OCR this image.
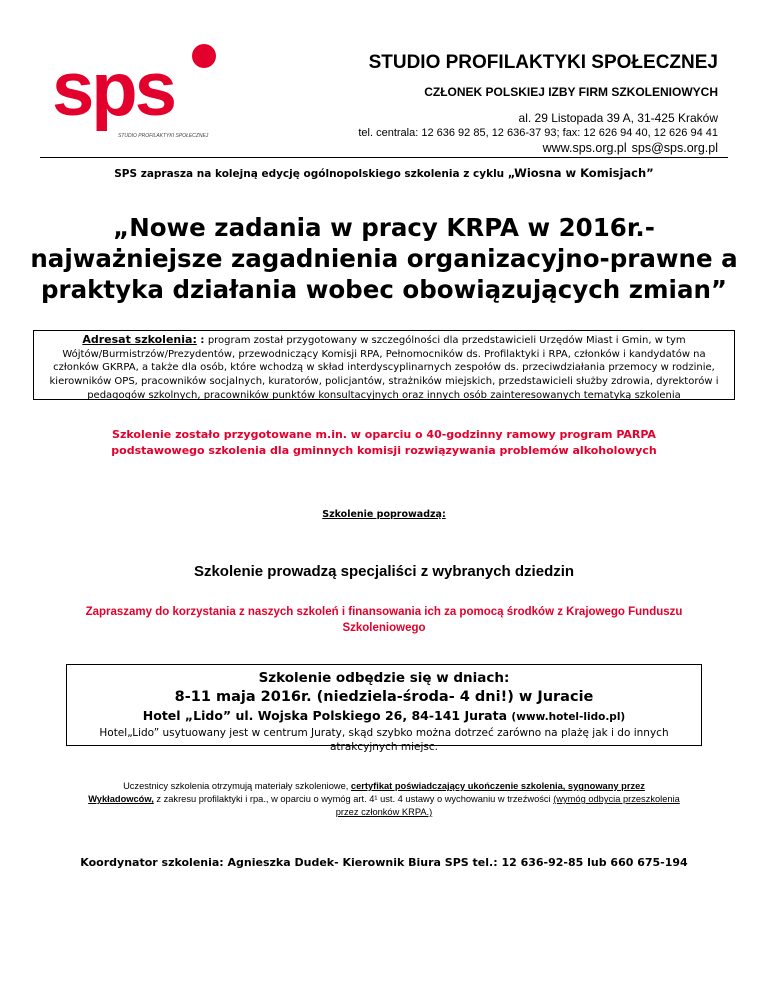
sps
STUDIO PROFILAKTYKI SPOŁECZNEJ
STUDIO PROFILAKTYKI SPOŁECZNEJ
CZŁONEK POLSKIEJ IZBY FIRM SZKOLENIOWYCH
al. 29 Listopada 39 A, 31-425 Kraków
tel. centrala: 12 636 92 85, 12 636-37 93; fax: 12 626 94 40, 12 626 94 41
www.sps.org.pl sps@sps.org.pl
SPS zaprasza na kolejną edycję ogólnopolskiego szkolenia z cyklu „Wiosna w Komisjach”
„Nowe zadania w pracy KRPA w 2016r.-
najważniejsze zagadnienia organizacyjno-prawne a
praktyka działania wobec obowiązujących zmian”
Adresat szkolenia: : program został przygotowany w szczególności dla przedstawicieli Urzędów Miast i Gmin, w tym Wójtów/Burmistrzów/Prezydentów, przewodniczący Komisji RPA, Pełnomocników ds. Profilaktyki i RPA, członków i kandydatów na członków GKRPA, a także dla osób, które wchodzą w skład interdyscyplinarnych zespołów ds. przeciwdziałania przemocy w rodzinie, kierowników OPS, pracowników socjalnych, kuratorów, policjantów, strażników miejskich, przedstawicieli służby zdrowia, dyrektorów i pedagogów szkolnych, pracowników punktów konsultacyjnych oraz innych osób zainteresowanych tematyką szkolenia
Szkolenie zostało przygotowane m.in. w oparciu o 40-godzinny ramowy program PARPA
podstawowego szkolenia dla gminnych komisji rozwiązywania problemów alkoholowych
Szkolenie poprowadzą:
Szkolenie prowadzą specjaliści z wybranych dziedzin
Zapraszamy do korzystania z naszych szkoleń i finansowania ich za pomocą środków z Krajowego Funduszu
Szkoleniowego
Szkolenie odbędzie się w dniach:
8-11 maja 2016r. (niedziela-środa- 4 dni!) w Juracie
Hotel „Lido” ul. Wojska Polskiego 26, 84-141 Jurata (www.hotel-lido.pl)
Hotel„Lido” usytuowany jest w centrum Juraty, skąd szybko można dotrzeć zarówno na plażę jak i do innych
atrakcyjnych miejsc.
Uczestnicy szkolenia otrzymują materiały szkoleniowe, certyfikat poświadczający ukończenie szkolenia, sygnowany przez
Wykładowców, z zakresu profilaktyki i rpa., w oparciu o wymóg art. 4¹ ust. 4 ustawy o wychowaniu w trzeźwości (wymóg odbycia przeszkolenia
przez członków KRPA.)
Koordynator szkolenia: Agnieszka Dudek- Kierownik Biura SPS tel.: 12 636-92-85 lub 660 675-194
